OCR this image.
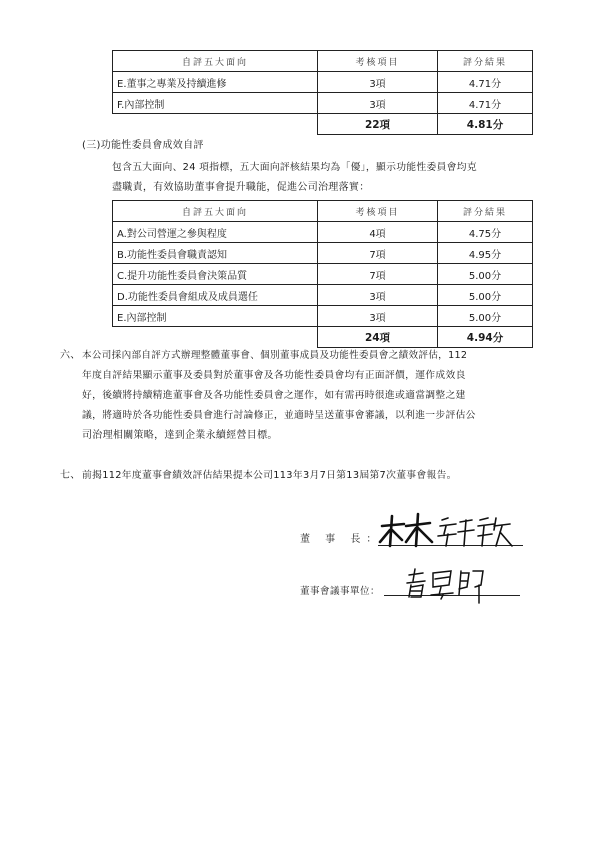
自評五大面向	考核項目	評分結果
E.董事之專業及持續進修	3項	4.71分
F.內部控制	3項	4.71分
	22項	4.81分
(三)功能性委員會成效自評
包含五大面向、24 項指標，五大面向評核結果均為「優」，顯示功能性委員會均克
盡職責，有效協助董事會提升職能，促進公司治理落實：
自評五大面向	考核項目	評分結果
A.對公司營運之參與程度	4項	4.75分
B.功能性委員會職責認知	7項	4.95分
C.提升功能性委員會決策品質	7項	5.00分
D.功能性委員會組成及成員選任	3項	5.00分
E.內部控制	3項	5.00分
	24項	4.94分
六、 本公司採內部自評方式辦理整體董事會、個別董事成員及功能性委員會之績效評估，112
年度自評結果顯示董事及委員對於董事會及各功能性委員會均有正面評價，運作成效良
好，後續將持續精進董事會及各功能性委員會之運作，如有需再時很進或適當調整之建
議，將適時於各功能性委員會進行討論修正，並適時呈送董事會審議，以利進一步評估公
司治理相關策略，達到企業永續經營目標。
七、 前揭112年度董事會績效評估結果提本公司113年3月7日第13屆第7次董事會報告。
董 事 長：
董事會議事單位：
